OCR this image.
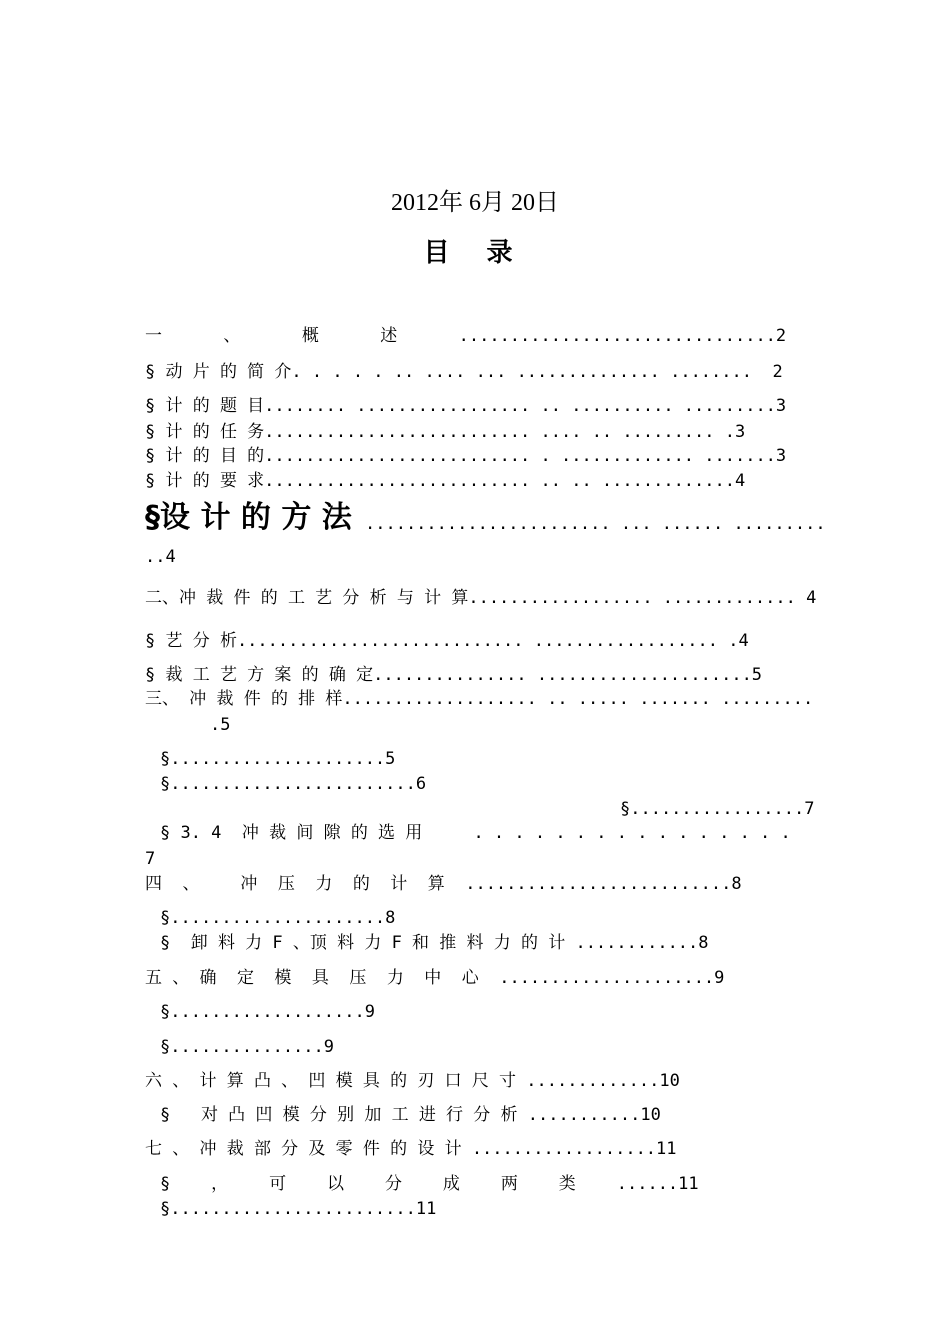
2012年 6月 20日
目 录
一      、      概      述      ...............................2
§ 动 片 的 简 介. . . . . .. .... ... .............. ........  2
§ 计 的 题 目........ ................. .. .......... .........3
§ 计 的 任 务.......................... .... .. ......... .3
§ 计 的 目 的.......................... . ............. .......3
§ 计 的 要 求.......................... .. .. .............4
§设 计 的 方 法 ........................ ... ...... .........
..4
二、冲 裁 件 的 工 艺 分 析 与 计 算.................. ............. 4
§ 艺 分 析............................ .................. .4
§ 裁 工 艺 方 案 的 确 定............... .....................5
三、 冲 裁 件 的 排 样................... .. ..... ....... .........
.5
§.....................5
§........................6
§.................7
§ 3. 4  冲 裁 间 隙 的 选 用     . . . . . . . . . . . . . . . .
7
四  、    冲  压  力  的  计  算  ..........................8
§.....................8
§  卸 料 力 F 、顶 料 力 F 和 推 料 力 的 计 ............8
五 、 确  定  模  具  压  力  中  心  .....................9
§...................9
§...............9
六 、 计 算 凸 、 凹 模 具 的 刃 口 尺 寸 .............10
§   对 凸 凹 模 分 别 加 工 进 行 分 析 ...........10
七 、 冲 裁 部 分 及 零 件 的 设 计 ..................11
§    ，    可    以    分    成    两    类    ......11
§........................11
